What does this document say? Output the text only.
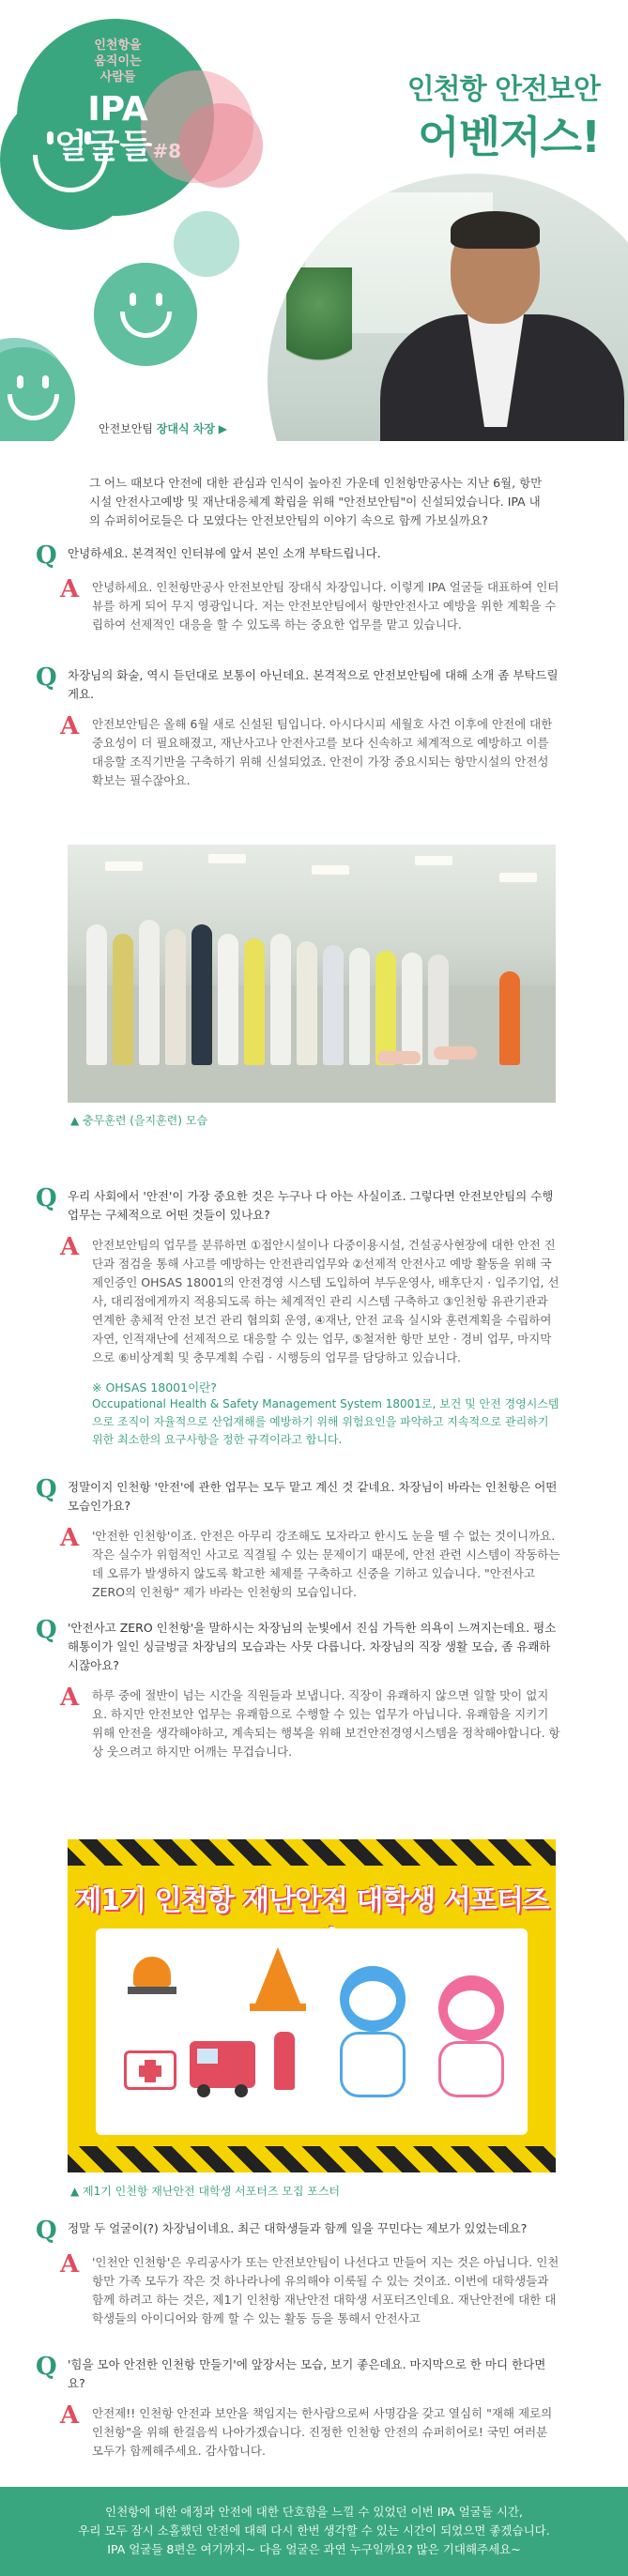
인천항을
움직이는
사람들
IPA
얼굴들#8
인천항 안전보안
어벤저스!
안전보안팀 장대식 차장 ▶
그 어느 때보다 안전에 대한 관심과 인식이 높아진 가운데 인천항만공사는 지난 6월, 항만시설 안전사고예방 및 재난대응체계 확립을 위해 "안전보안팀"이 신설되었습니다. IPA 내의 슈퍼히어로들은 다 모였다는 안전보안팀의 이야기 속으로 함께 가보실까요?
Q 안녕하세요. 본격적인 인터뷰에 앞서 본인 소개 부탁드립니다.

A	안녕하세요. 인천항만공사 안전보안팀 장대식 차장입니다. 이렇게 IPA 얼굴들 대표하여 인터뷰를 하게 되어 무지 영광입니다. 저는 안전보안팀에서 항만안전사고 예방을 위한 계획을 수립하여 선제적인 대응을 할 수 있도록 하는 중요한 업무를 맡고 있습니다.

Q 차장님의 화술, 역시 듣던대로 보통이 아닌데요. 본격적으로 안전보안팀에 대해 소개 좀 부탁드릴게요.

A	안전보안팀은 올해 6월 새로 신설된 팀입니다. 아시다시피 세월호 사건 이후에 안전에 대한 중요성이 더 필요해졌고, 재난사고나 안전사고를 보다 신속하고 체계적으로 예방하고 이를 대응할 조직기반을 구축하기 위해 신설되었죠. 안전이 가장 중요시되는 항만시설의 안전성 확보는 필수잖아요.

▲ 충무훈련 (을지훈련) 모습
Q 우리 사회에서 '안전'이 가장 중요한 것은 누구나 다 아는 사실이죠. 그렇다면 안전보안팀의 수행 업무는 구체적으로 어떤 것들이 있나요?

A	안전보안팀의 업무를 분류하면 ①접안시설이나 다중이용시설, 건설공사현장에 대한 안전 진단과 점검을 통해 사고를 예방하는 안전관리업무와 ②선제적 안전사고 예방 활동을 위해 국제인증인 OHSAS 18001의 안전경영 시스템 도입하여 부두운영사, 배후단지 · 입주기업, 선사, 대리점에게까지 적용되도록 하는 체계적인 관리 시스템 구축하고 ③인천항 유관기관과 연계한 총체적 안전 보건 관리 협의회 운영, ④재난, 안전 교육 실시와 훈련계획을 수립하여 자연, 인적재난에 선제적으로 대응할 수 있는 업무, ⑤철저한 항만 보안 · 경비 업무, 마지막으로 ⑥비상계획 및 충무계획 수립 · 시행등의 업무를 담당하고 있습니다.

※ OHSAS 18001이란?

Occupational Health & Safety Management System 18001로, 보건 및 안전 경영시스템으로 조직이 자율적으로 산업재해를 예방하기 위해 위험요인을 파악하고 지속적으로 관리하기 위한 최소한의 요구사항을 정한 규격이라고 합니다.

Q 정말이지 인천항 '안전'에 관한 업무는 모두 맡고 계신 것 같네요. 차장님이 바라는 인천항은 어떤 모습인가요?

A	'안전한 인천항'이죠. 안전은 아무리 강조해도 모자라고 한시도 눈을 뗄 수 없는 것이니까요. 작은 실수가 위험적인 사고로 직결될 수 있는 문제이기 때문에, 안전 관련 시스템이 작동하는데 오류가 발생하지 않도록 확고한 체제를 구축하고 신중을 기하고 있습니다. "안전사고 ZERO의 인천항" 제가 바라는 인천항의 모습입니다.

Q '안전사고 ZERO 인천항'을 말하시는 차장님의 눈빛에서 진심 가득한 의욕이 느껴지는데요. 평소 해통이가 일인 싱글벙글 차장님의 모습과는 사뭇 다릅니다. 차장님의 직장 생활 모습, 좀 유쾌하시잖아요?

A	하루 중에 절반이 넘는 시간을 직원들과 보냅니다. 직장이 유쾌하지 않으면 일할 맛이 없지요. 하지만 안전보안 업무는 유쾌함으로 수행할 수 있는 업무가 아닙니다. 유쾌함을 지키기 위해 안전을 생각해야하고, 계속되는 행복을 위해 보건안전경영시스템을 정착해야합니다. 항상 웃으려고 하지만 어깨는 무겁습니다.

제1기 인천항 재난안전 대학생 서포터즈
▲ 제1기 인천항 재난안전 대학생 서포터즈 모집 포스터
Q 정말 두 얼굴이(?) 차장님이네요. 최근 대학생들과 함께 일을 꾸민다는 제보가 있었는데요?

A	'인천안 인천항'은 우리공사가 또는 안전보안팀이 나선다고 만들어 지는 것은 아닙니다. 인천항만 가족 모두가 작은 것 하나라나에 유의해야 이룩될 수 있는 것이죠. 이번에 대학생들과 함께 하려고 하는 것은, 제1기 인천항 재난안전 대학생 서포터즈인데요. 재난안전에 대한 대학생들의 아이디어와 함께 할 수 있는 활동 등을 통해서 안전사고

Q '힘을 모아 안전한 인천항 만들기'에 앞장서는 모습, 보기 좋은데요. 마지막으로 한 마디 한다면요?

A	안전제!! 인천항 안전과 보안을 책임지는 한사람으로써 사명감을 갖고 열심히 "재해 제로의 인천항"을 위해 한걸음씩 나아가겠습니다. 진정한 인천항 안전의 슈퍼히어로! 국민 여러분 모두가 함께해주세요. 감사합니다.

인천항에 대한 애정과 안전에 대한 단호함을 느낄 수 있었던 이번 IPA 얼굴들 시간,
우리 모두 잠시 소홀했던 안전에 대해 다시 한번 생각할 수 있는 시간이 되었으면 좋겠습니다.
IPA 얼굴들 8편은 여기까지~ 다음 얼굴은 과연 누구일까요? 많은 기대해주세요~
